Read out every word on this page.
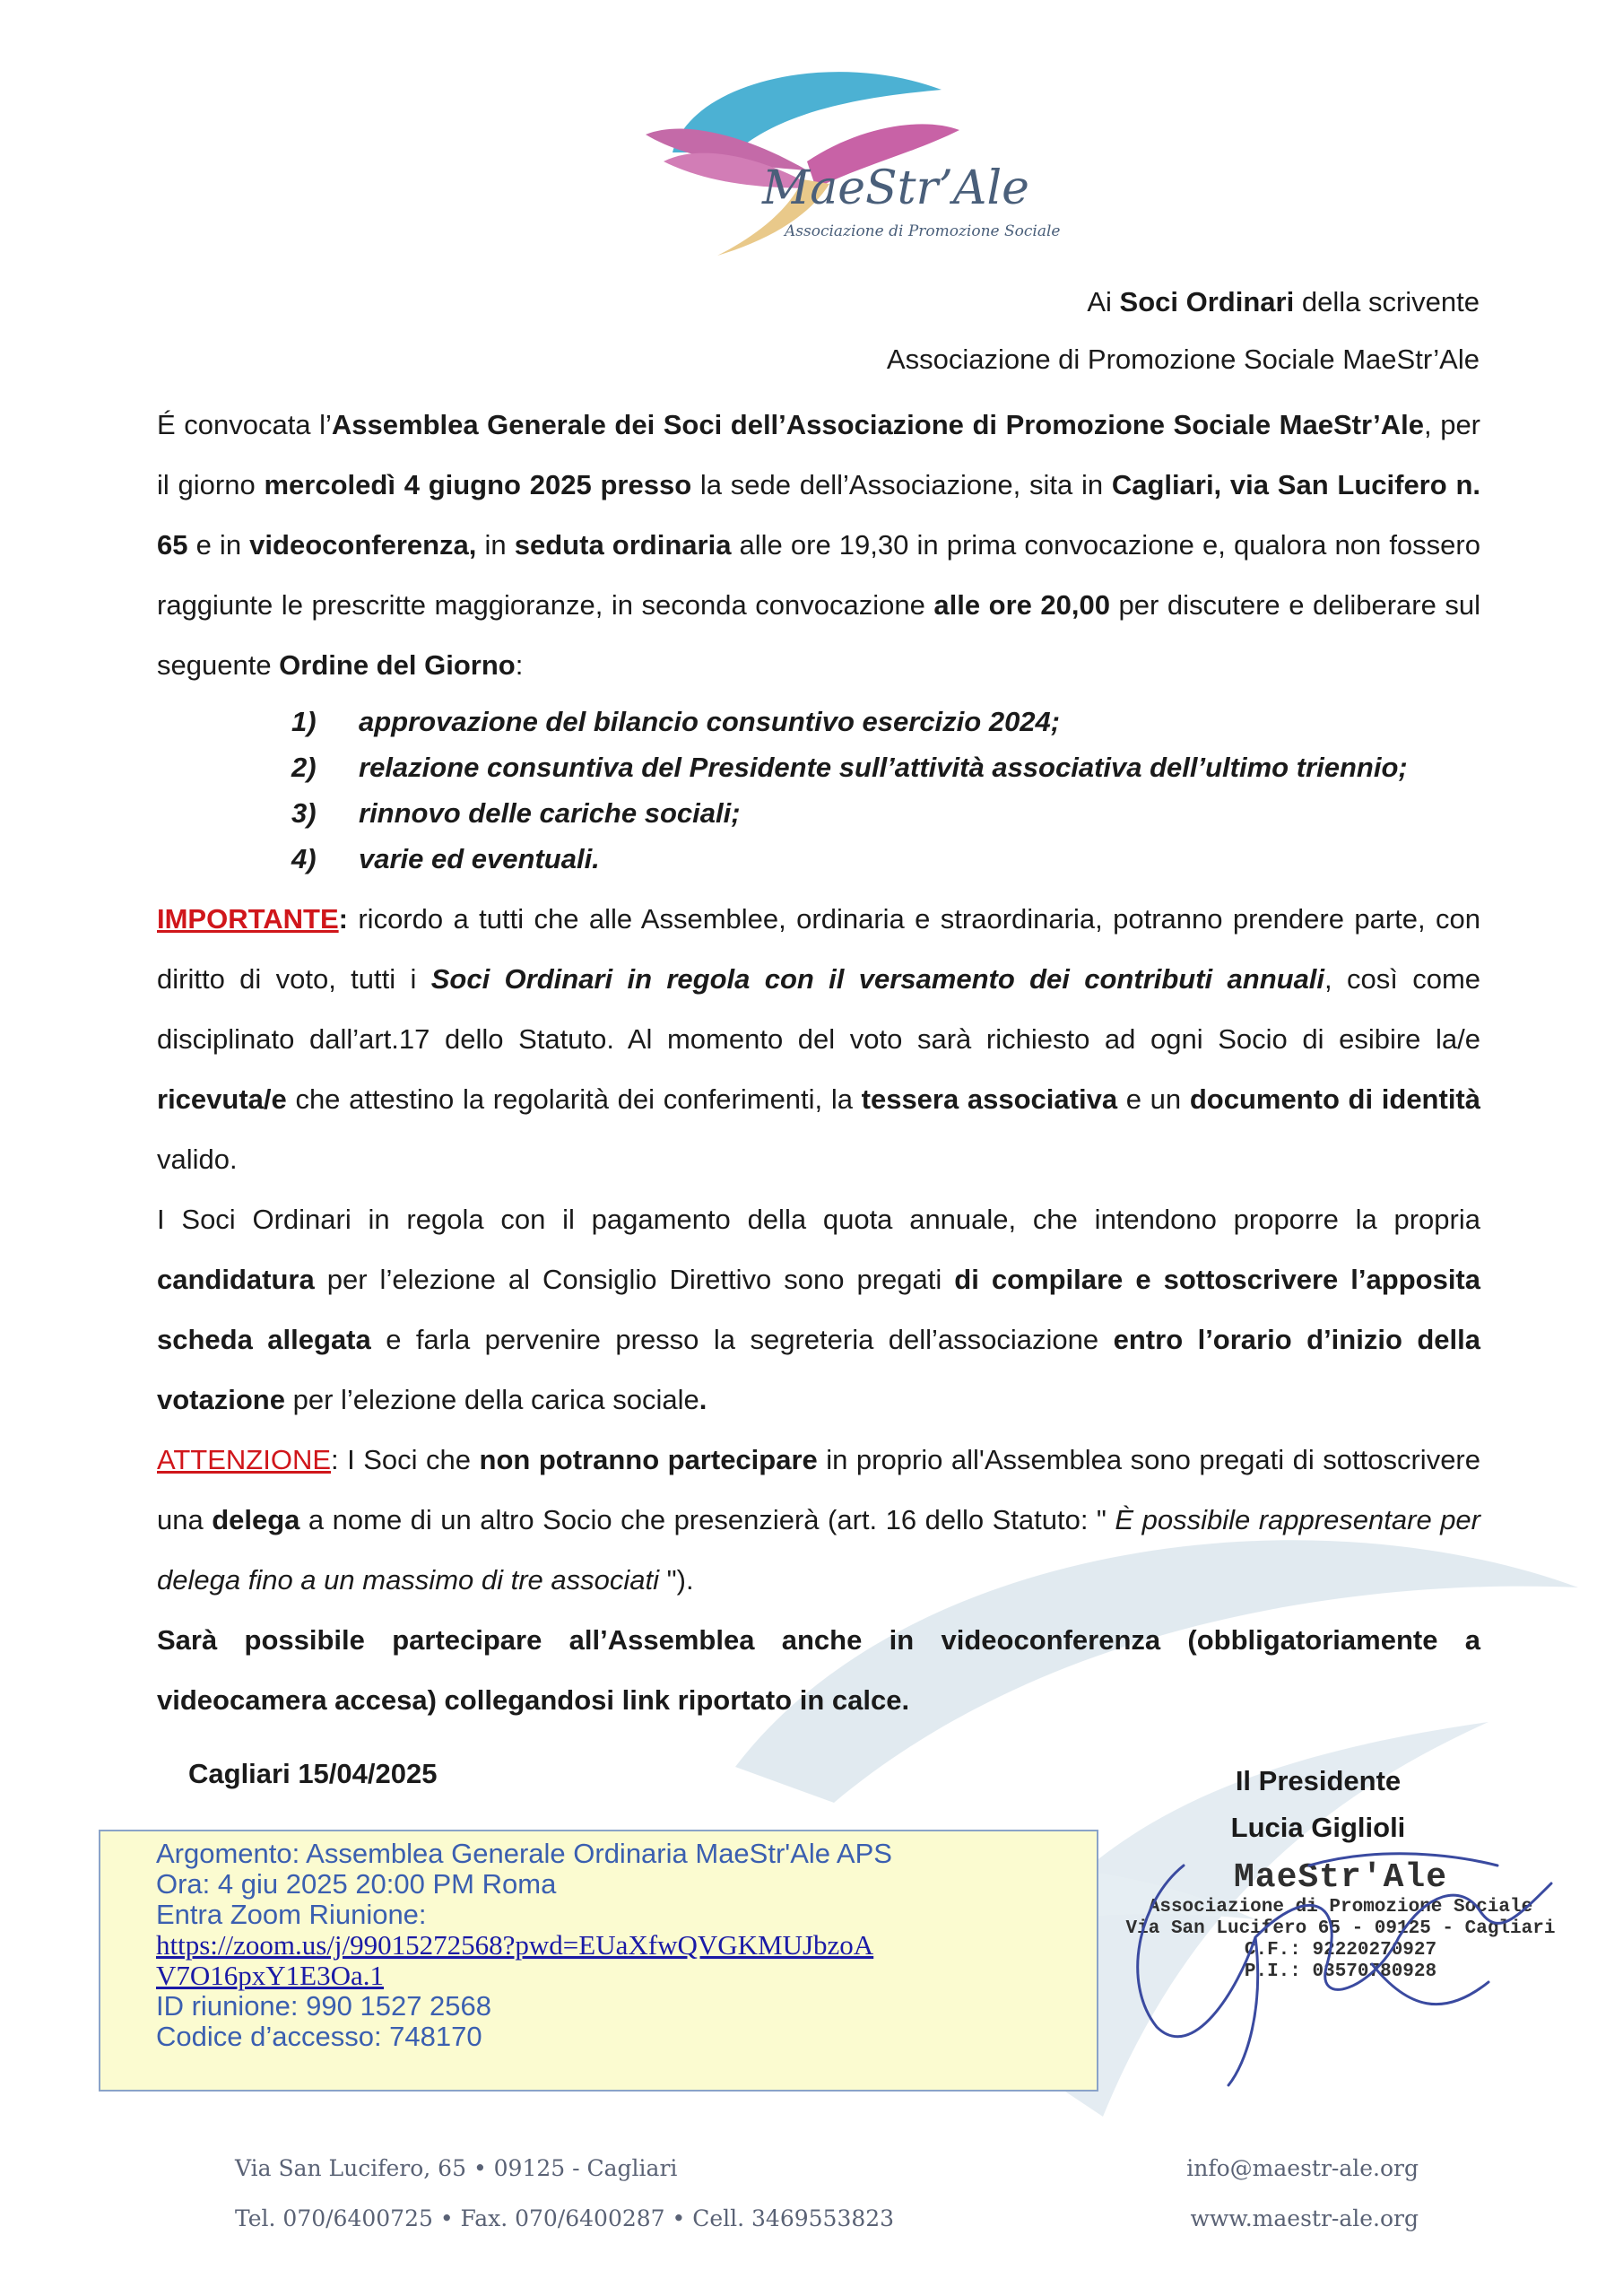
MaeStr’Ale
Associazione di Promozione Sociale
Ai Soci Ordinari della scrivente
Associazione di Promozione Sociale MaeStr’Ale

É convocata l’Assemblea Generale dei Soci dell’Associazione di Promozione Sociale MaeStr’Ale, per il giorno mercoledì 4 giugno 2025 presso la sede dell’Associazione, sita in Cagliari, via San Lucifero n. 65 e in videoconferenza, in seduta ordinaria alle ore 19,30 in prima convocazione e, qualora non fossero raggiunte le prescritte maggioranze, in seconda convocazione alle ore 20,00 per discutere e deliberare sul seguente Ordine del Giorno:

1)	approvazione del bilancio consuntivo esercizio 2024;
2)	relazione consuntiva del Presidente sull’attività associativa dell’ultimo triennio;
3)	rinnovo delle cariche sociali;
4)	varie ed eventuali.

IMPORTANTE: ricordo a tutti che alle Assemblee, ordinaria e straordinaria, potranno prendere parte, con diritto di voto, tutti i Soci Ordinari in regola con il versamento dei contributi annuali, così come disciplinato dall’art.17 dello Statuto. Al momento del voto sarà richiesto ad ogni Socio di esibire la/e ricevuta/e che attestino la regolarità dei conferimenti, la tessera associativa e un documento di identità valido.

I Soci Ordinari in regola con il pagamento della quota annuale, che intendono proporre la propria candidatura per l’elezione al Consiglio Direttivo sono pregati di compilare e sottoscrivere l’apposita scheda allegata e farla pervenire presso la segreteria dell’associazione entro l’orario d’inizio della votazione per l’elezione della carica sociale.

ATTENZIONE: I Soci che non potranno partecipare in proprio all'Assemblea sono pregati di sottoscrivere una delega a nome di un altro Socio che presenzierà (art. 16 dello Statuto: " È possibile rappresentare per delega fino a un massimo di tre associati ").

Sarà possibile partecipare all’Assemblea anche in videoconferenza (obbligatoriamente a videocamera accesa) collegandosi link riportato in calce.

Cagliari 15/04/2025	Il Presidente
Lucia Giglioli
Argomento: Assemblea Generale Ordinaria MaeStr'Ale APS
Ora: 4 giu 2025 20:00 PM Roma
Entra Zoom Riunione:
https://zoom.us/j/99015272568?pwd=EUaXfwQVGKMUJbzoA
V7O16pxY1E3Oa.1
ID riunione: 990 1527 2568
Codice d’accesso: 748170
MaeStr'Ale
Associazione di Promozione Sociale
Via San Lucifero 65 - 09125 - Cagliari
C.F.: 92220270927
P.I.: 03570780928
Via San Lucifero, 65 • 09125 - Cagliari
Tel. 070/6400725 • Fax. 070/6400287 • Cell. 3469553823
info@maestr-ale.org
www.maestr-ale.org
